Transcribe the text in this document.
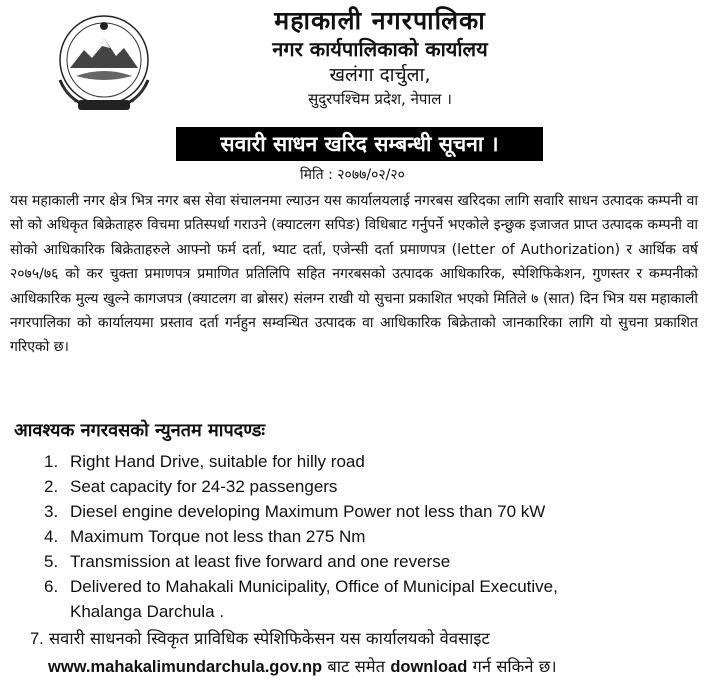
महाकाली नगरपालिका
नगर कार्यपालिकाको कार्यालय
खलंगा दार्चुला,
सुदुरपश्चिम प्रदेश, नेपाल ।
सवारी साधन खरिद सम्बन्धी सूचना ।
मिति : २०७७/०२/२०
यस महाकाली नगर क्षेत्र भित्र नगर बस सेवा संचालनमा ल्याउन यस कार्यालयलाई नगरबस खरिदका लागि सवारि साधन उत्पादक कम्पनी वा सो को अधिकृत बिक्रेताहरु विचमा प्रतिस्पर्धा गराउने (क्याटलग सपिङ) विधिबाट गर्नुपर्ने भएकोले इन्छुक इजाजत प्राप्त उत्पादक कम्पनी वा सोको आधिकारिक बिक्रेताहरुले आफ्नो फर्म दर्ता, भ्याट दर्ता, एजेन्सी दर्ता प्रमाणपत्र (letter of Authorization) र आर्थिक वर्ष २०७५/७६ को कर चुक्ता प्रमाणपत्र प्रमाणित प्रतिलिपि सहित नगरबसको उत्पादक आधिकारिक, स्पेशिफिकेशन, गुणस्तर र कम्पनीको आधिकारिक मुल्य खुल्ने कागजपत्र (क्याटलग वा ब्रोसर) संलग्न राखी यो सुचना प्रकाशित भएको मितिले ७ (सात) दिन भित्र यस महाकाली नगरपालिका को कार्यालयमा प्रस्ताव दर्ता गर्नहुन सम्वन्धित उत्पादक वा आधिकारिक बिक्रेताको जानकारिका लागि यो सुचना प्रकाशित गरिएको छ।
आवश्यक नगरवसको न्युनतम मापदण्डः
1. Right Hand Drive, suitable for hilly road
2. Seat capacity for 24-32 passengers
3. Diesel engine developing Maximum Power not less than 70 kW
4. Maximum Torque not less than 275 Nm
5. Transmission at least five forward and one reverse
6. Delivered to Mahakali Municipality, Office of Municipal Executive,
Khalanga Darchula .
7. सवारी साधनको स्विकृत प्राविधिक स्पेशिफिकेसन यस कार्यालयको वेवसाइट
www.mahakalimundarchula.gov.np बाट समेत download गर्न सकिने छ।
